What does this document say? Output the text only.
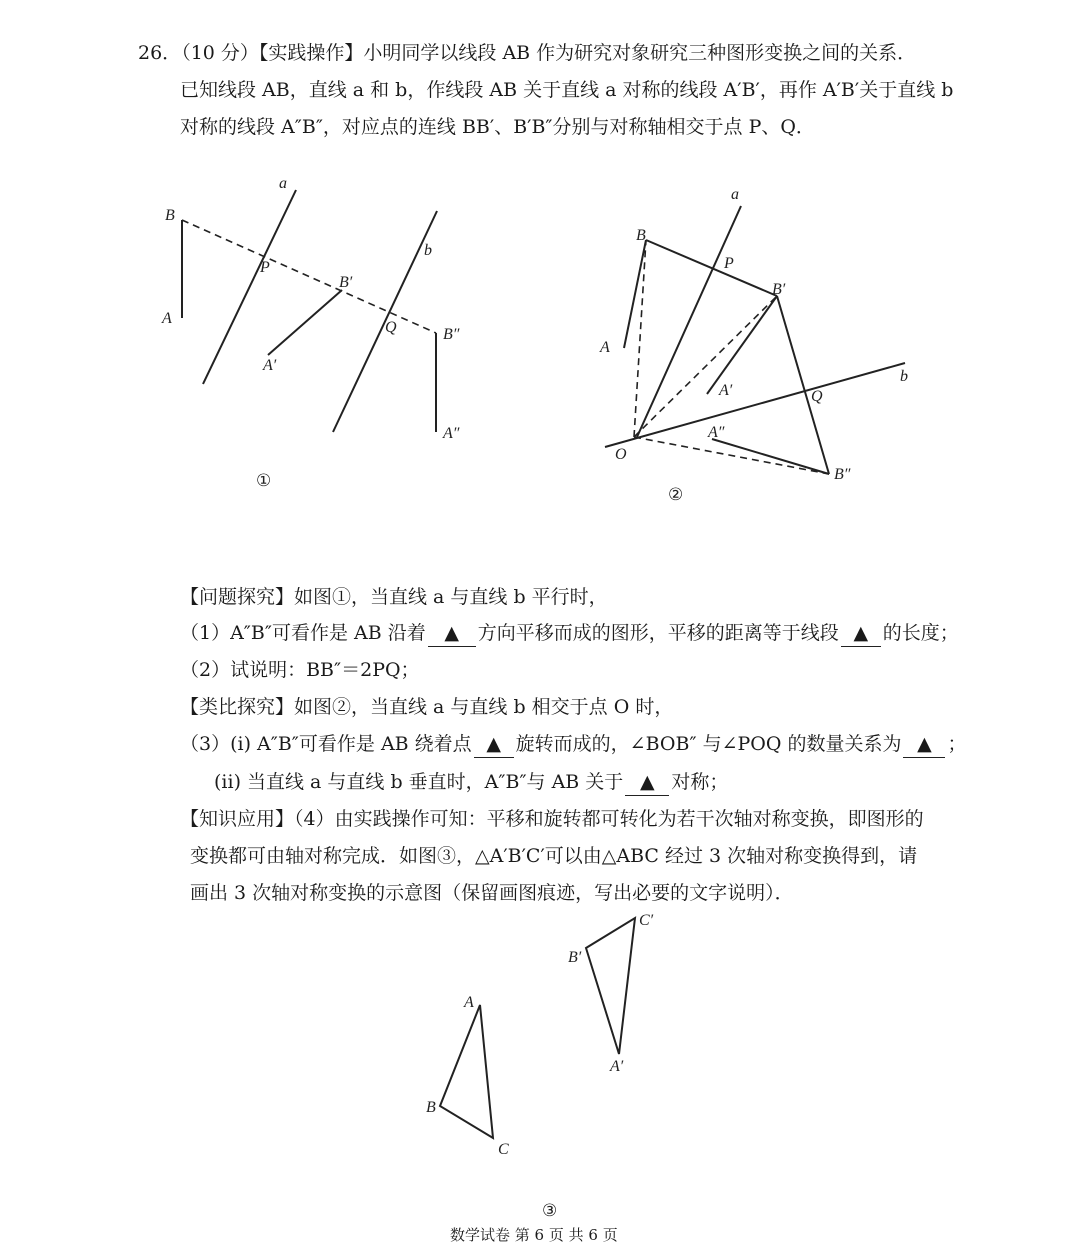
26．（10 分）【实践操作】小明同学以线段 AB 作为研究对象研究三种图形变换之间的关系．
已知线段 AB，直线 a 和 b，作线段 AB 关于直线 a 对称的线段 A′B′，再作 A′B′关于直线 b
对称的线段 A″B″，对应点的连线 BB′、B′B″分别与对称轴相交于点 P、Q．
a
b
B
A
P
B′
A′
Q	B″
A″
①
a
b
B
A
P
B′
A′	Q
A″
B″
O
②
【问题探究】如图①，当直线 a 与直线 b 平行时，
（1）A″B″可看作是 AB 沿着 ▲ 方向平移而成的图形，平移的距离等于线段 ▲ 的长度；
（2）试说明：BB″＝2PQ；
【类比探究】如图②，当直线 a 与直线 b 相交于点 O 时，
（3）(i) A″B″可看作是 AB 绕着点 ▲ 旋转而成的，∠BOB″ 与∠POQ 的数量关系为 ▲ ；
(ii) 当直线 a 与直线 b 垂直时，A″B″与 AB 关于 ▲ 对称；
【知识应用】（4）由实践操作可知：平移和旋转都可转化为若干次轴对称变换，即图形的
变换都可由轴对称完成．如图③，△A′B′C′可以由△ABC 经过 3 次轴对称变换得到，请
画出 3 次轴对称变换的示意图（保留画图痕迹，写出必要的文字说明）．
A
B
C
A′
B′
C′
③
数学试卷 第 6 页 共 6 页
